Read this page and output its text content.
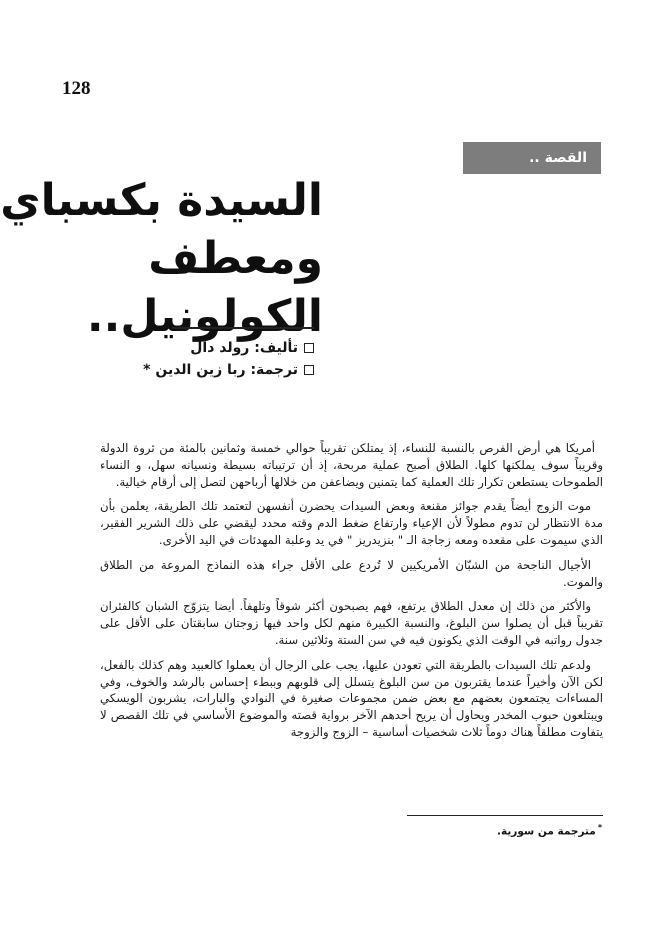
128
القصة ..
السيدة بكسباي
ومعطف
الكولونيل..
تأليف: رولد دال
ترجمة: ربا زين الدين *

أمريكا هي أرض الفرص بالنسبة للنساء، إذ يمتلكن تقريباً حوالي خمسة وثمانين بالمئة من ثروة الدولة وقريباً سوف يملكنها كلها. الطلاق أصبح عملية مربحة، إذ أن ترتيباته بسيطة ونسيانه سهل، و النساء الطموحات يستطعن تكرار تلك العملية كما يتمنين ويضاعفن من خلالها أرباحهن لتصل إلى أرقام خيالية.

موت الزوج أيضاً يقدم جوائز مقنعة وبعض السيدات يحضرن أنفسهن لتعتمد تلك الطريقة، يعلمن بأن مدة الانتظار لن تدوم مطولاً لأن الإعياء وارتفاع ضغط الدم وقته محدد ليقضي على ذلك الشرير الفقير، الذي سيموت على مقعده ومعه زجاجة الـ " بنزيدريز " في يد وعلبة المهدئات في اليد الأخرى.

الأجيال الناجحة من الشبّان الأمريكيين لا تُردع على الأقل جراء هذه النماذج المروعة من الطلاق والموت.

والأكثر من ذلك إن معدل الطلاق يرتفع، فهم يصبحون أكثر شوقاً وتلهفاً. أيضا يتزوّج الشبان كالفئران تقريباً قبل أن يصلوا سن البلوغ، والنسبة الكبيرة منهم لكل واحد فيها زوجتان سابقتان على الأقل على جدول رواتبه في الوقت الذي يكونون فيه في سن الستة وثلاثين سنة.

ولدعم تلك السيدات بالطريقة التي تعودن عليها، يجب على الرجال أن يعملوا كالعبيد وهم كذلك بالفعل، لكن الآن وأخيراً عندما يقتربون من سن البلوغ يتسلل إلى قلوبهم وببطء إحساس بالرشد والخوف، وفي المساءات يجتمعون بعضهم مع بعض ضمن مجموعات صغيرة في النوادي والبارات، يشربون الويسكي ويبتلعون حبوب المخدر ويحاول أن يريح أحدهم الآخر برواية قصته والموضوع الأساسي في تلك القصص لا يتفاوت مطلقاً هناك دوماً ثلاث شخصيات أساسية – الزوج والزوجة

*مترجمة من سورية.
